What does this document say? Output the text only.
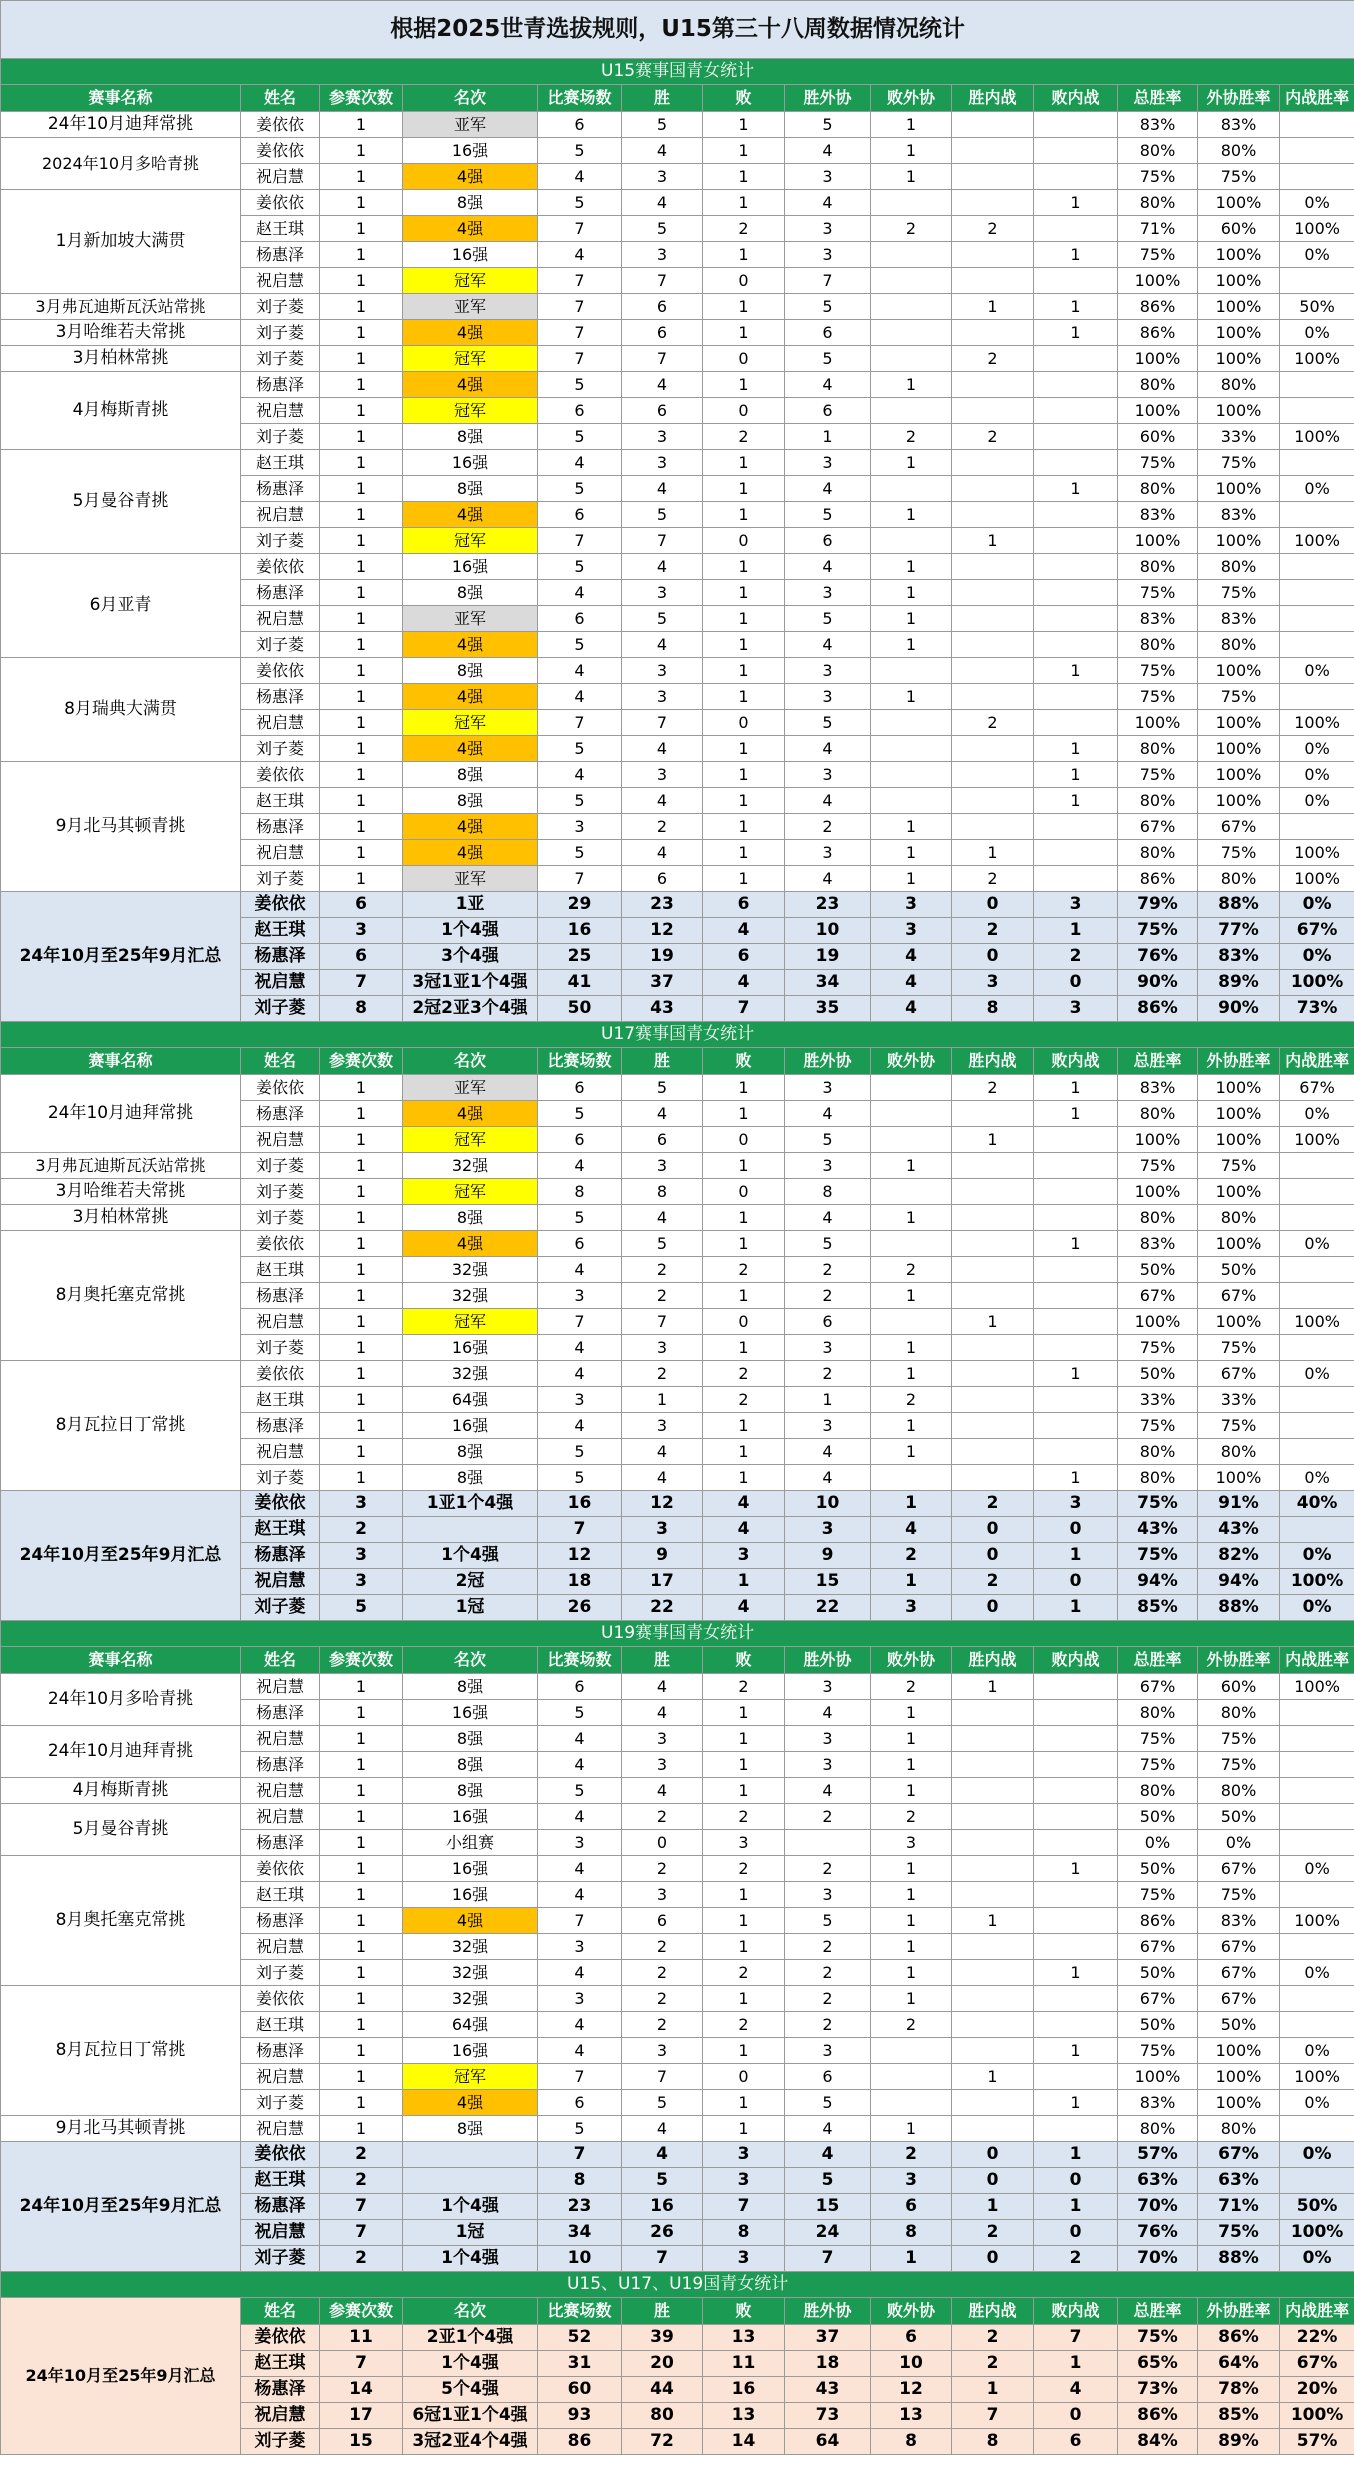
根据2025世青选拔规则，U15第三十八周数据情况统计													
U15赛事国青女统计													
赛事名称	姓名	参赛次数	名次	比赛场数	胜	败	胜外协	败外协	胜内战	败内战	总胜率	外协胜率	内战胜率
24年10月迪拜常挑	姜依依	1	亚军	6	5	1	5	1			83%	83%	
2024年10月多哈青挑	姜依依	1	16强	5	4	1	4	1			80%	80%	
	祝启慧	1	4强	4	3	1	3	1			75%	75%	
1月新加坡大满贯	姜依依	1	8强	5	4	1	4			1	80%	100%	0%
	赵王琪	1	4强	7	5	2	3	2	2		71%	60%	100%
	杨惠泽	1	16强	4	3	1	3			1	75%	100%	0%
	祝启慧	1	冠军	7	7	0	7				100%	100%	
3月弗瓦迪斯瓦沃站常挑	刘子菱	1	亚军	7	6	1	5		1	1	86%	100%	50%
3月哈维若夫常挑	刘子菱	1	4强	7	6	1	6			1	86%	100%	0%
3月柏林常挑	刘子菱	1	冠军	7	7	0	5		2		100%	100%	100%
4月梅斯青挑	杨惠泽	1	4强	5	4	1	4	1			80%	80%	
	祝启慧	1	冠军	6	6	0	6				100%	100%	
	刘子菱	1	8强	5	3	2	1	2	2		60%	33%	100%
5月曼谷青挑	赵王琪	1	16强	4	3	1	3	1			75%	75%	
	杨惠泽	1	8强	5	4	1	4			1	80%	100%	0%
	祝启慧	1	4强	6	5	1	5	1			83%	83%	
	刘子菱	1	冠军	7	7	0	6		1		100%	100%	100%
6月亚青	姜依依	1	16强	5	4	1	4	1			80%	80%	
	杨惠泽	1	8强	4	3	1	3	1			75%	75%	
	祝启慧	1	亚军	6	5	1	5	1			83%	83%	
	刘子菱	1	4强	5	4	1	4	1			80%	80%	
8月瑞典大满贯	姜依依	1	8强	4	3	1	3			1	75%	100%	0%
	杨惠泽	1	4强	4	3	1	3	1			75%	75%	
	祝启慧	1	冠军	7	7	0	5		2		100%	100%	100%
	刘子菱	1	4强	5	4	1	4			1	80%	100%	0%
9月北马其顿青挑	姜依依	1	8强	4	3	1	3			1	75%	100%	0%
	赵王琪	1	8强	5	4	1	4			1	80%	100%	0%
	杨惠泽	1	4强	3	2	1	2	1			67%	67%	
	祝启慧	1	4强	5	4	1	3	1	1		80%	75%	100%
	刘子菱	1	亚军	7	6	1	4	1	2		86%	80%	100%
24年10月至25年9月汇总	姜依依	6	1亚	29	23	6	23	3	0	3	79%	88%	0%
	赵王琪	3	1个4强	16	12	4	10	3	2	1	75%	77%	67%
	杨惠泽	6	3个4强	25	19	6	19	4	0	2	76%	83%	0%
	祝启慧	7	3冠1亚1个4强	41	37	4	34	4	3	0	90%	89%	100%
	刘子菱	8	2冠2亚3个4强	50	43	7	35	4	8	3	86%	90%	73%
U17赛事国青女统计													
赛事名称	姓名	参赛次数	名次	比赛场数	胜	败	胜外协	败外协	胜内战	败内战	总胜率	外协胜率	内战胜率
24年10月迪拜常挑	姜依依	1	亚军	6	5	1	3		2	1	83%	100%	67%
	杨惠泽	1	4强	5	4	1	4			1	80%	100%	0%
	祝启慧	1	冠军	6	6	0	5		1		100%	100%	100%
3月弗瓦迪斯瓦沃站常挑	刘子菱	1	32强	4	3	1	3	1			75%	75%	
3月哈维若夫常挑	刘子菱	1	冠军	8	8	0	8				100%	100%	
3月柏林常挑	刘子菱	1	8强	5	4	1	4	1			80%	80%	
8月奥托塞克常挑	姜依依	1	4强	6	5	1	5			1	83%	100%	0%
	赵王琪	1	32强	4	2	2	2	2			50%	50%	
	杨惠泽	1	32强	3	2	1	2	1			67%	67%	
	祝启慧	1	冠军	7	7	0	6		1		100%	100%	100%
	刘子菱	1	16强	4	3	1	3	1			75%	75%	
8月瓦拉日丁常挑	姜依依	1	32强	4	2	2	2	1		1	50%	67%	0%
	赵王琪	1	64强	3	1	2	1	2			33%	33%	
	杨惠泽	1	16强	4	3	1	3	1			75%	75%	
	祝启慧	1	8强	5	4	1	4	1			80%	80%	
	刘子菱	1	8强	5	4	1	4			1	80%	100%	0%
24年10月至25年9月汇总	姜依依	3	1亚1个4强	16	12	4	10	1	2	3	75%	91%	40%
	赵王琪	2		7	3	4	3	4	0	0	43%	43%	
	杨惠泽	3	1个4强	12	9	3	9	2	0	1	75%	82%	0%
	祝启慧	3	2冠	18	17	1	15	1	2	0	94%	94%	100%
	刘子菱	5	1冠	26	22	4	22	3	0	1	85%	88%	0%
U19赛事国青女统计													
赛事名称	姓名	参赛次数	名次	比赛场数	胜	败	胜外协	败外协	胜内战	败内战	总胜率	外协胜率	内战胜率
24年10月多哈青挑	祝启慧	1	8强	6	4	2	3	2	1		67%	60%	100%
	杨惠泽	1	16强	5	4	1	4	1			80%	80%	
24年10月迪拜青挑	祝启慧	1	8强	4	3	1	3	1			75%	75%	
	杨惠泽	1	8强	4	3	1	3	1			75%	75%	
4月梅斯青挑	祝启慧	1	8强	5	4	1	4	1			80%	80%	
5月曼谷青挑	祝启慧	1	16强	4	2	2	2	2			50%	50%	
	杨惠泽	1	小组赛	3	0	3		3			0%	0%	
8月奥托塞克常挑	姜依依	1	16强	4	2	2	2	1		1	50%	67%	0%
	赵王琪	1	16强	4	3	1	3	1			75%	75%	
	杨惠泽	1	4强	7	6	1	5	1	1		86%	83%	100%
	祝启慧	1	32强	3	2	1	2	1			67%	67%	
	刘子菱	1	32强	4	2	2	2	1		1	50%	67%	0%
8月瓦拉日丁常挑	姜依依	1	32强	3	2	1	2	1			67%	67%	
	赵王琪	1	64强	4	2	2	2	2			50%	50%	
	杨惠泽	1	16强	4	3	1	3			1	75%	100%	0%
	祝启慧	1	冠军	7	7	0	6		1		100%	100%	100%
	刘子菱	1	4强	6	5	1	5			1	83%	100%	0%
9月北马其顿青挑	祝启慧	1	8强	5	4	1	4	1			80%	80%	
24年10月至25年9月汇总	姜依依	2		7	4	3	4	2	0	1	57%	67%	0%
	赵王琪	2		8	5	3	5	3	0	0	63%	63%	
	杨惠泽	7	1个4强	23	16	7	15	6	1	1	70%	71%	50%
	祝启慧	7	1冠	34	26	8	24	8	2	0	76%	75%	100%
	刘子菱	2	1个4强	10	7	3	7	1	0	2	70%	88%	0%
U15、U17、U19国青女统计													
24年10月至25年9月汇总	姓名	参赛次数	名次	比赛场数	胜	败	胜外协	败外协	胜内战	败内战	总胜率	外协胜率	内战胜率
	姜依依	11	2亚1个4强	52	39	13	37	6	2	7	75%	86%	22%
	赵王琪	7	1个4强	31	20	11	18	10	2	1	65%	64%	67%
	杨惠泽	14	5个4强	60	44	16	43	12	1	4	73%	78%	20%
	祝启慧	17	6冠1亚1个4强	93	80	13	73	13	7	0	86%	85%	100%
	刘子菱	15	3冠2亚4个4强	86	72	14	64	8	8	6	84%	89%	57%
